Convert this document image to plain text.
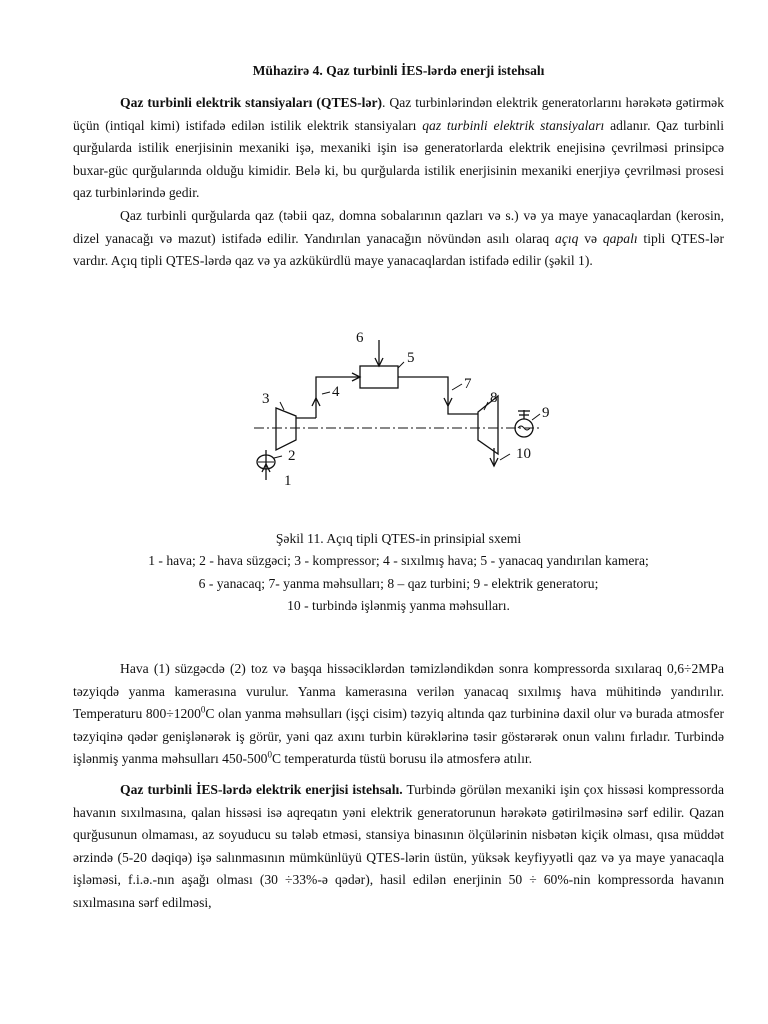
Mühazirə 4. Qaz turbinli İES-lərdə enerji istehsalı

Qaz turbinli elektrik stansiyaları (QTES-lər). Qaz turbinlərindən elektrik generatorlarını hərəkətə gətirmək üçün (intiqal kimi) istifadə edilən istilik elektrik stansiyaları qaz turbinli elektrik stansiyaları adlanır. Qaz turbinli qurğularda istilik enerjisinin mexaniki işə, mexaniki işin isə generatorlarda elektrik enejisinə çevrilməsi prinsipcə buxar-güc qurğularında olduğu kimidir. Belə ki, bu qurğularda istilik enerjisinin mexaniki enerjiyə çevrilməsi prosesi qaz turbinlərində gedir.

Qaz turbinli qurğularda qaz (təbii qaz, domna sobalarının qazları və s.) və ya maye yanacaqlardan (kerosin, dizel yanacağı və mazut) istifadə edilir. Yandırılan yanacağın növündən asılı olaraq açıq və qapalı tipli QTES-lər vardır. Açıq tipli QTES-lərdə qaz və ya azkükürdlü maye yanacaqlardan istifadə edilir (şəkil 1).

6
5
4
3
7
8
9
10
2
1
Şəkil 11. Açıq tipli QTES-in prinsipial sxemi
1 - hava; 2 - hava süzgəci; 3 - kompressor; 4 - sıxılmış hava; 5 - yanacaq yandırılan kamera;
6 - yanacaq; 7- yanma məhsulları; 8 – qaz turbini; 9 - elektrik generatoru;
10 - turbində işlənmiş yanma məhsulları.

Hava (1) süzgəcdə (2) toz və başqa hissəciklərdən təmizləndikdən sonra kompressorda sıxılaraq 0,6÷2MPa təzyiqdə yanma kamerasına vurulur. Yanma kamerasına verilən yanacaq sıxılmış hava mühitində yandırılır. Temperaturu $800\div 1200^0C$ olan yanma məhsulları (işçi cisim) təzyiq altında qaz turbininə daxil olur və burada atmosfer təzyiqinə qədər genişlənərək iş görür, yəni qaz axını turbin kürəklərinə təsir göstərərək onun valını fırladır. Turbində işlənmiş yanma məhsulları $450-500^0C$ temperaturda tüstü borusu ilə atmosferə atılır.

Qaz turbinli İES-lərdə elektrik enerjisi istehsalı. Turbində görülən mexaniki işin çox hissəsi kompressorda havanın sıxılmasına, qalan hissəsi isə aqreqatın yəni elektrik generatorunun hərəkətə gətirilməsinə sərf edilir. Qazan qurğusunun olmaması, az soyuducu su tələb etməsi, stansiya binasının ölçülərinin nisbətən kiçik olması, qısa müddət ərzində (5-20 dəqiqə) işə salınmasının mümkünlüyü QTES-lərin üstün, yüksək keyfiyyətli qaz və ya maye yanacaqla işləməsi, f.i.ə.-nın aşağı olması (30 ÷33%-ə qədər), hasil edilən enerjinin 50 ÷ 60%-nin kompressorda havanın sıxılmasına sərf edilməsi,
